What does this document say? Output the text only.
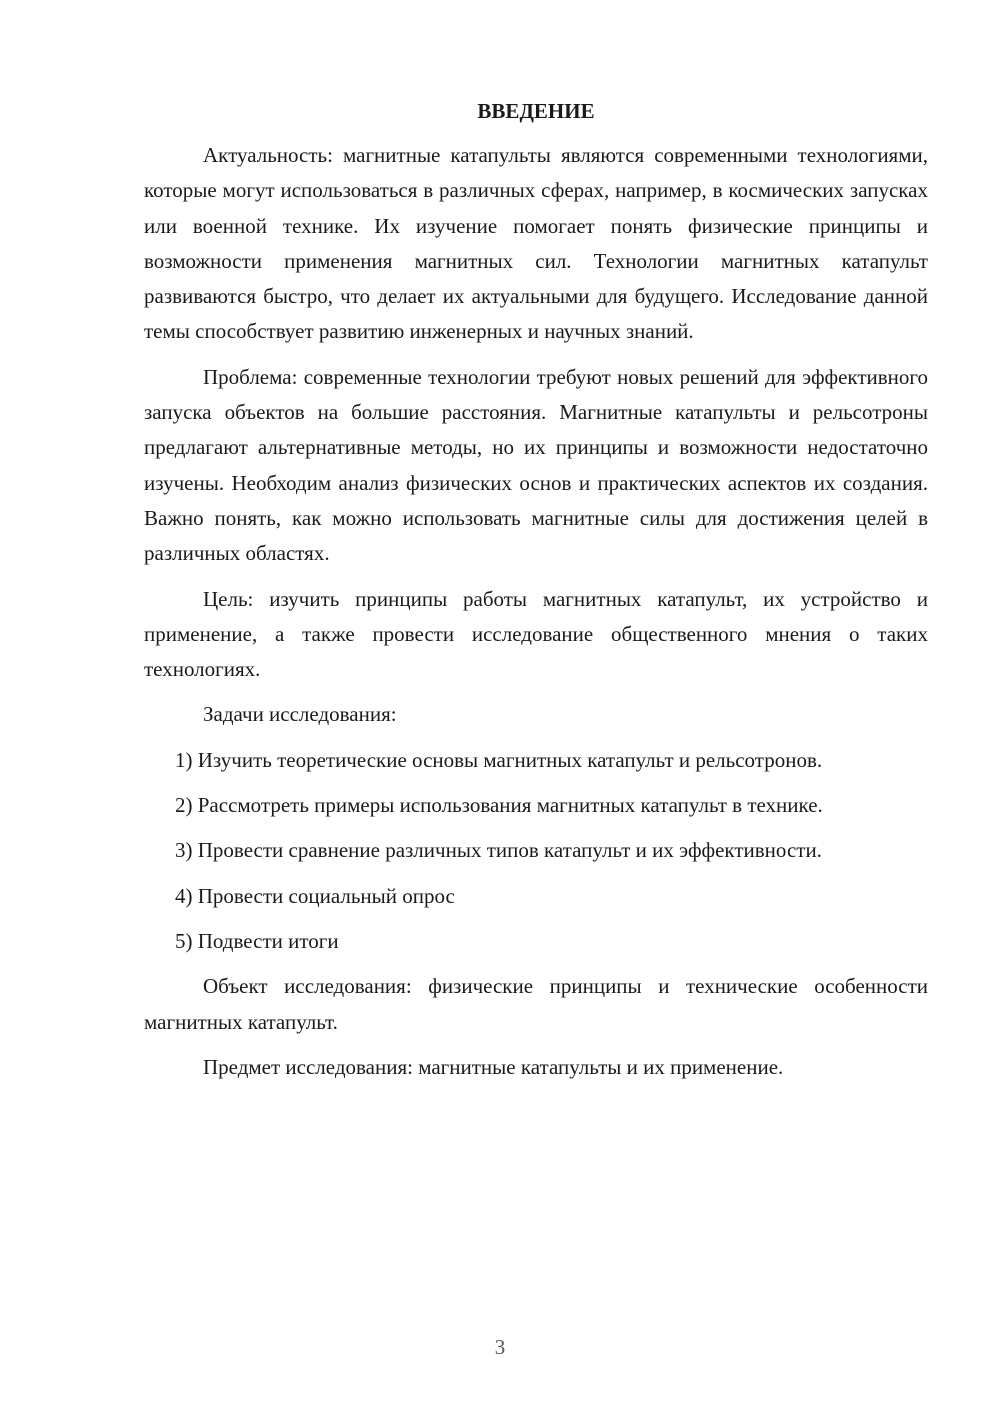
ВВЕДЕНИЕ

Актуальность: магнитные катапульты являются современными технологиями, которые могут использоваться в различных сферах, например, в космических запусках или военной технике. Их изучение помогает понять физические принципы и возможности применения магнитных сил. Технологии магнитных катапульт развиваются быстро, что делает их актуальными для будущего. Исследование данной темы способствует развитию инженерных и научных знаний.

Проблема: современные технологии требуют новых решений для эффективного запуска объектов на большие расстояния. Магнитные катапульты и рельсотроны предлагают альтернативные методы, но их принципы и возможности недостаточно изучены. Необходим анализ физических основ и практических аспектов их создания. Важно понять, как можно использовать магнитные силы для достижения целей в различных областях.

Цель: изучить принципы работы магнитных катапульт, их устройство и применение, а также провести исследование общественного мнения о таких технологиях.

Задачи исследования:

1) Изучить теоретические основы магнитных катапульт и рельсотронов.

2) Рассмотреть примеры использования магнитных катапульт в технике.

3) Провести сравнение различных типов катапульт и их эффективности.

4) Провести социальный опрос

5) Подвести итоги

Объект исследования: физические принципы и технические особенности магнитных катапульт.

Предмет исследования: магнитные катапульты и их применение.

3
